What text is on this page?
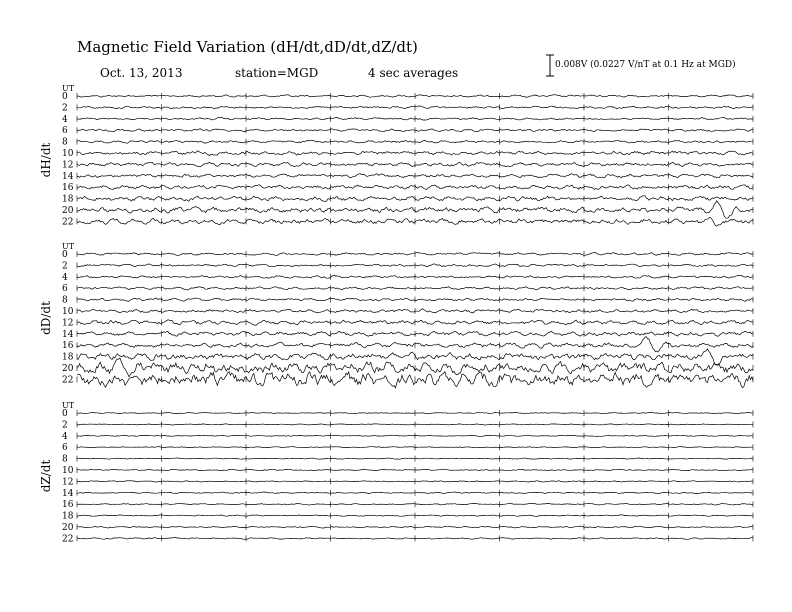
Magnetic Field Variation (dH/dt,dD/dt,dZ/dt)
Oct. 13, 2013	station=MGD	4 sec averages
0.008V (0.0227 V/nT at 0.1 Hz at MGD)
UT
dH/dt
0
2
4
6
8
10
12
14
16
18
20
22
UT
dD/dt
0
2
4
6
8
10
12
14
16
18
20
22
UT
dZ/dt
0
2
4
6
8
10
12
14
16
18
20
22
